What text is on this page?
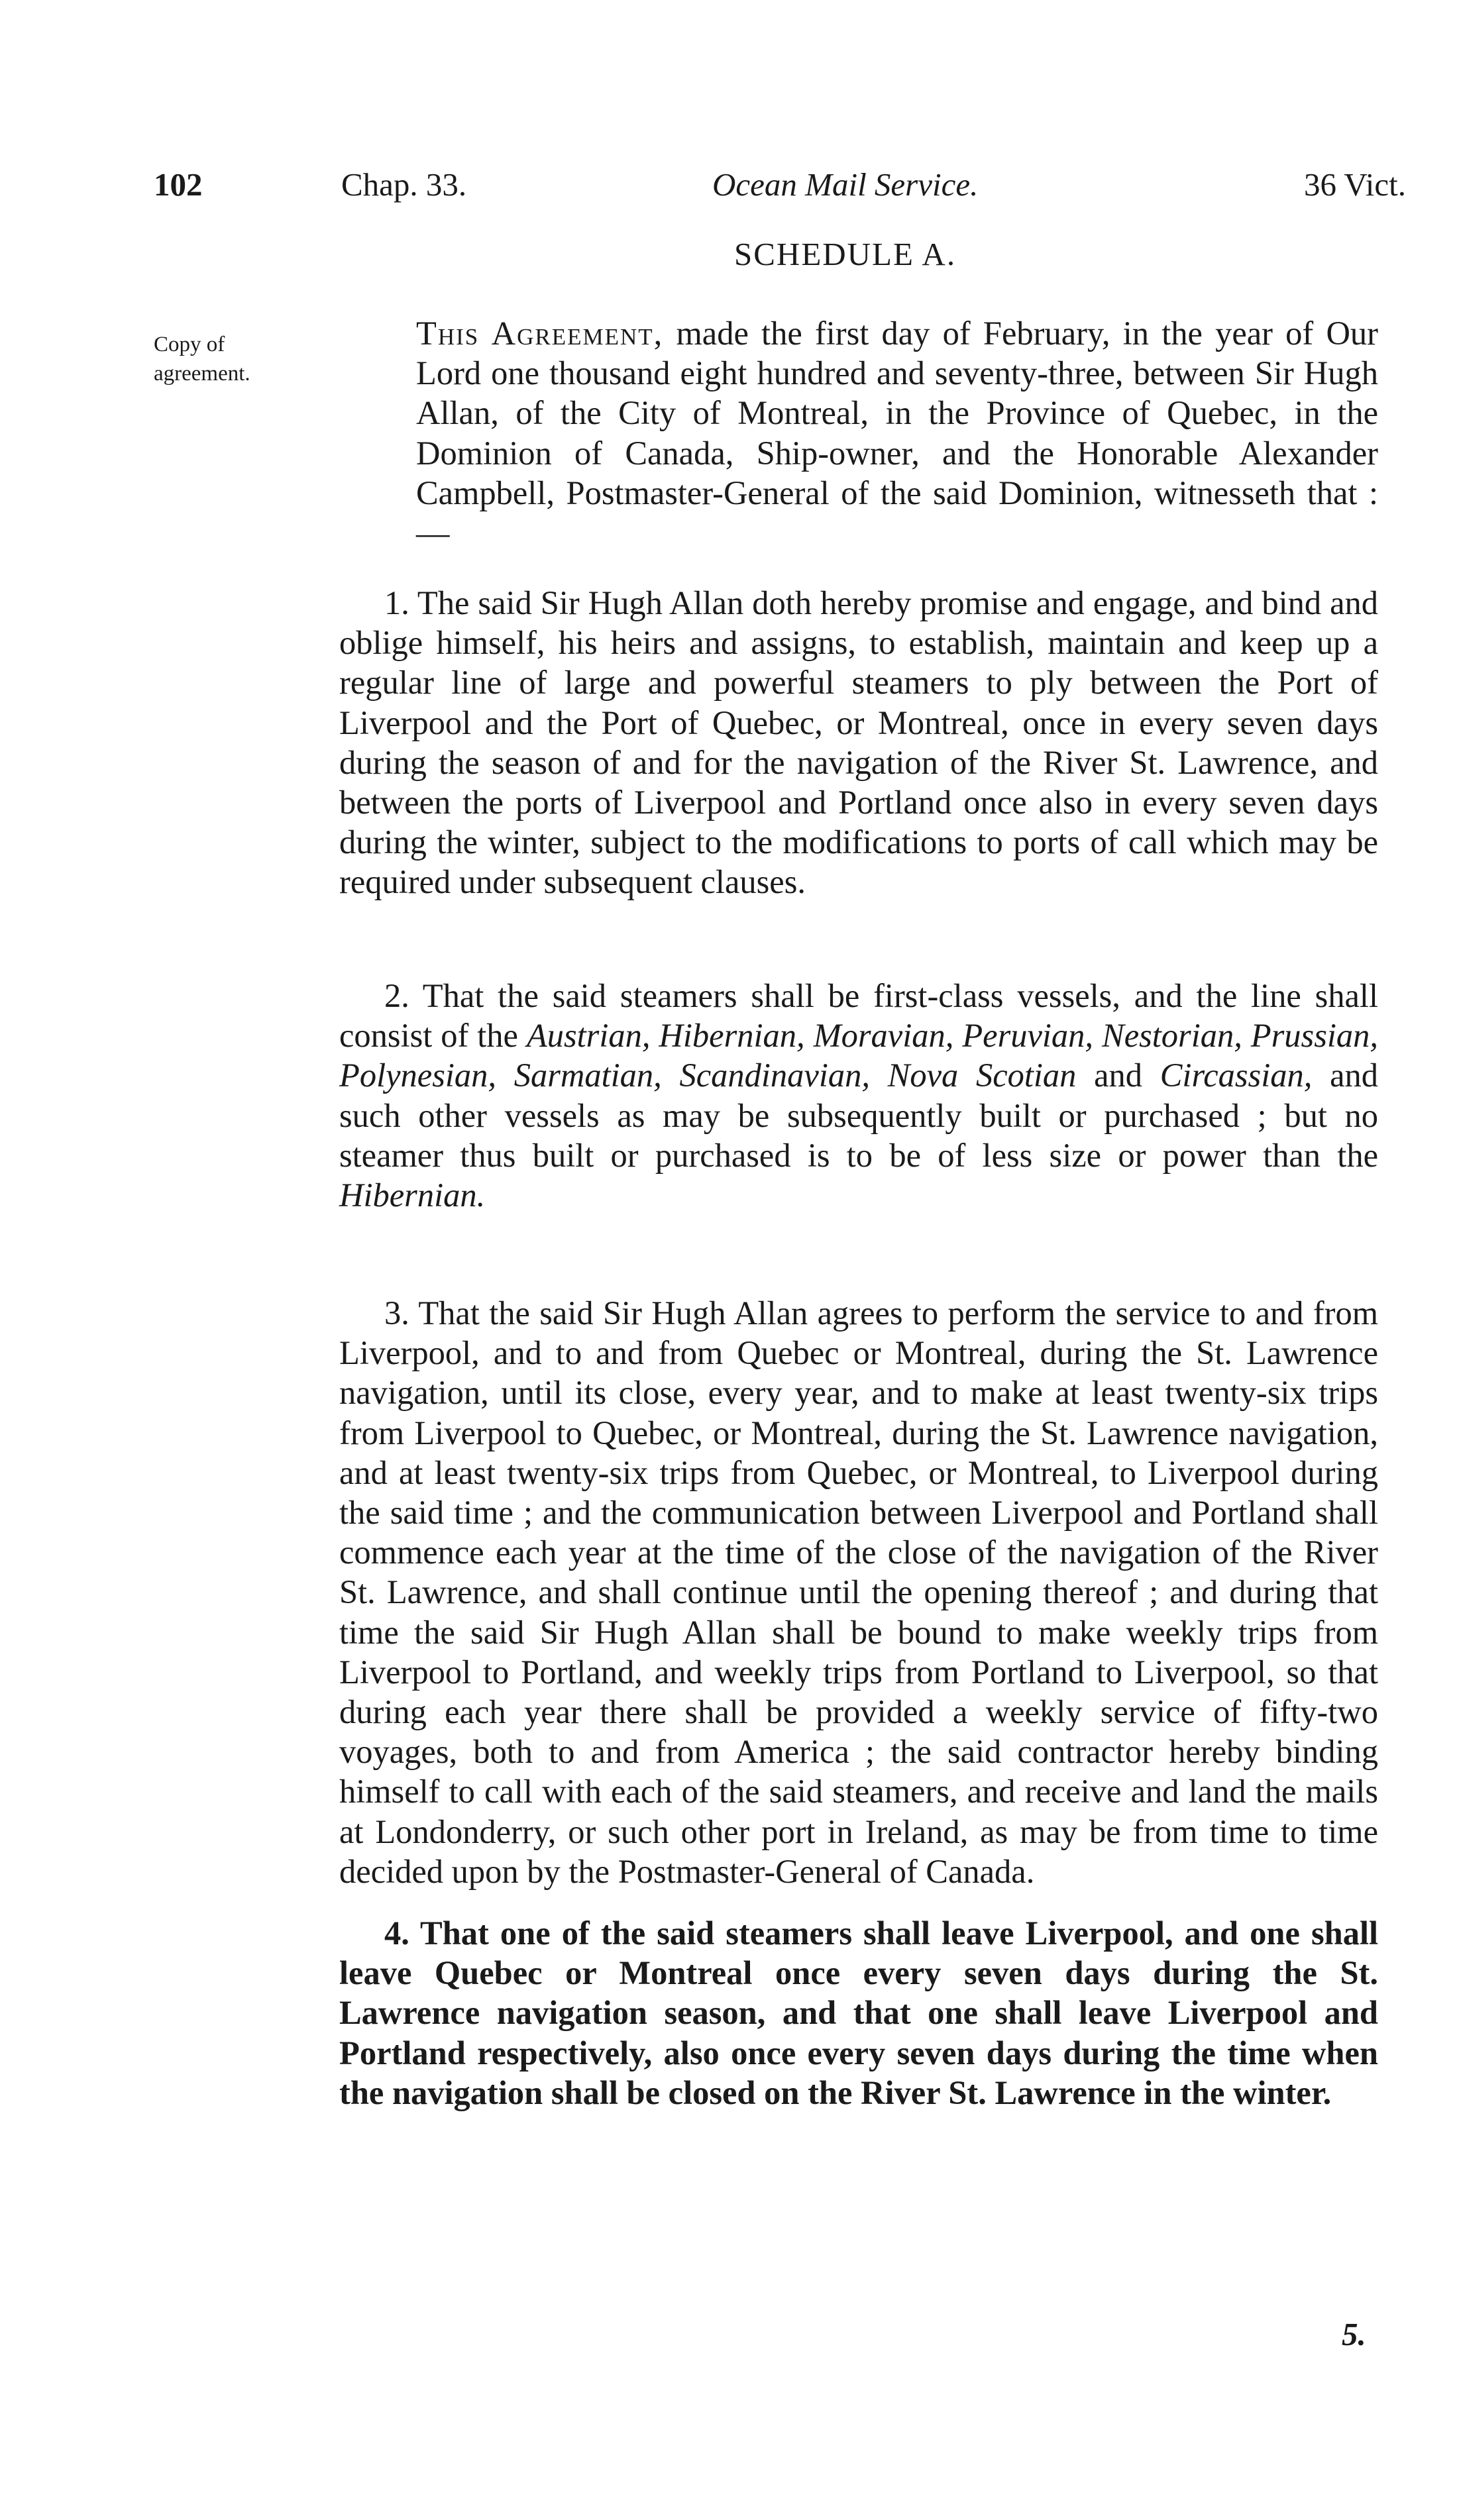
102	Chap. 33.	Ocean Mail Service.	36 Vict.
SCHEDULE A.
Copy of agreement.
This Agreement, made the first day of February, in the year of Our Lord one thousand eight hundred and seventy-three, between Sir Hugh Allan, of the City of Montreal, in the Province of Quebec, in the Dominion of Canada, Ship-owner, and the Honorable Alexander Campbell, Postmaster-General of the said Dominion, witnesseth that :—
1. The said Sir Hugh Allan doth hereby promise and engage, and bind and oblige himself, his heirs and assigns, to establish, maintain and keep up a regular line of large and powerful steamers to ply between the Port of Liverpool and the Port of Quebec, or Montreal, once in every seven days during the season of and for the navigation of the River St. Lawrence, and between the ports of Liverpool and Portland once also in every seven days during the winter, subject to the modifications to ports of call which may be required under subsequent clauses.
2. That the said steamers shall be first-class vessels, and the line shall consist of the Austrian, Hibernian, Moravian, Peruvian, Nestorian, Prussian, Polynesian, Sarmatian, Scandinavian, Nova Scotian and Circassian, and such other vessels as may be subsequently built or purchased ; but no steamer thus built or purchased is to be of less size or power than the Hibernian.
3. That the said Sir Hugh Allan agrees to perform the service to and from Liverpool, and to and from Quebec or Montreal, during the St. Lawrence navigation, until its close, every year, and to make at least twenty-six trips from Liverpool to Quebec, or Montreal, during the St. Lawrence navigation, and at least twenty-six trips from Quebec, or Montreal, to Liverpool during the said time ; and the communication between Liverpool and Portland shall commence each year at the time of the close of the navigation of the River St. Lawrence, and shall continue until the opening thereof ; and during that time the said Sir Hugh Allan shall be bound to make weekly trips from Liverpool to Portland, and weekly trips from Portland to Liverpool, so that during each year there shall be provided a weekly service of fifty-two voyages, both to and from America ; the said contractor hereby binding himself to call with each of the said steamers, and receive and land the mails at Londonderry, or such other port in Ireland, as may be from time to time decided upon by the Postmaster-General of Canada.
4. That one of the said steamers shall leave Liverpool, and one shall leave Quebec or Montreal once every seven days during the St. Lawrence navigation season, and that one shall leave Liverpool and Portland respectively, also once every seven days during the time when the navigation shall be closed on the River St. Lawrence in the winter.
5.
